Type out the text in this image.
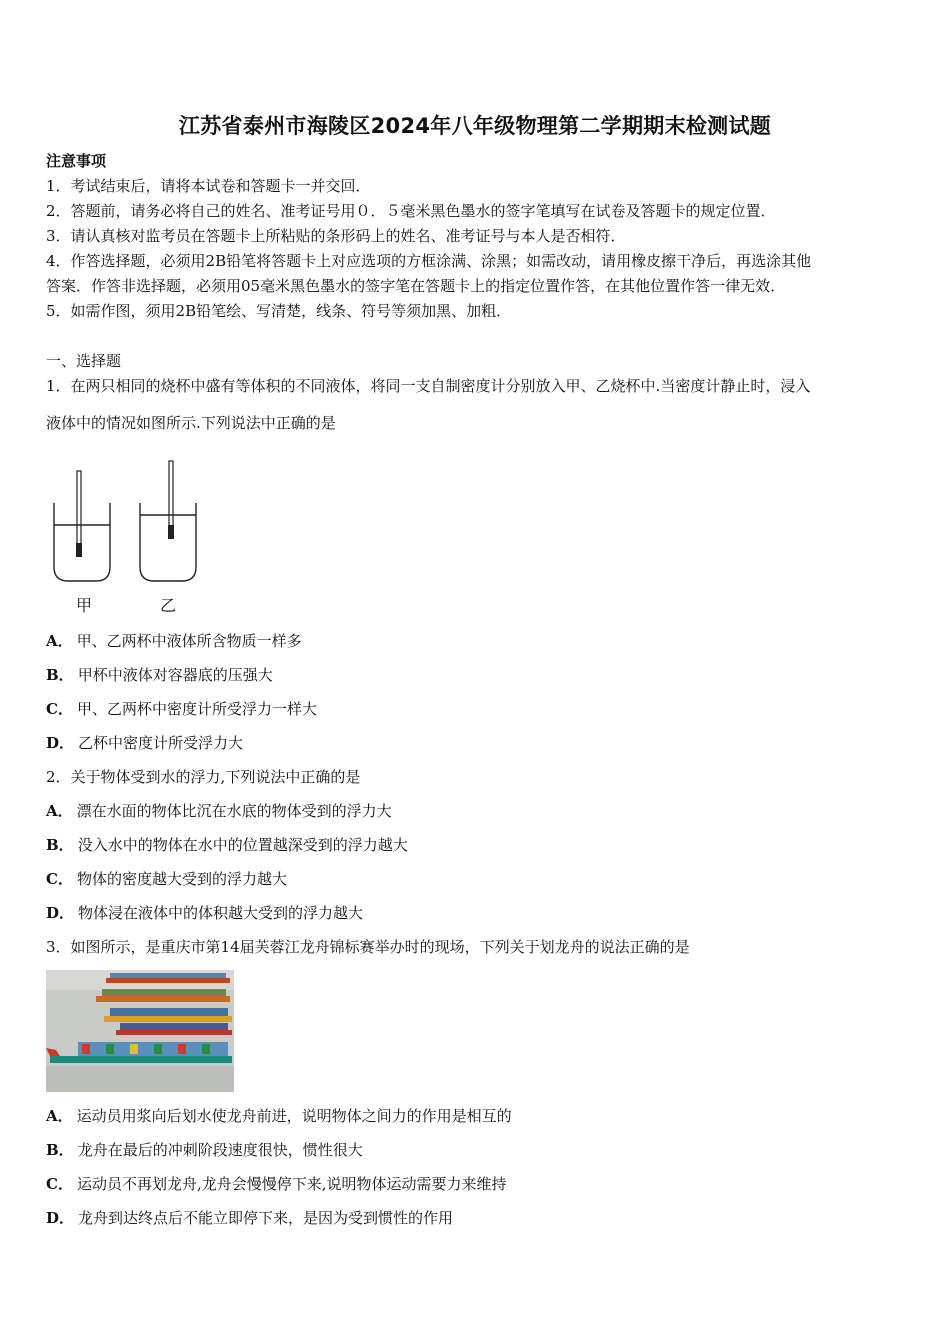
江苏省泰州市海陵区2024年八年级物理第二学期期末检测试题
注意事项
1．考试结束后，请将本试卷和答题卡一并交回．
2．答题前，请务必将自己的姓名、准考证号用０．５毫米黑色墨水的签字笔填写在试卷及答题卡的规定位置．
3．请认真核对监考员在答题卡上所粘贴的条形码上的姓名、准考证号与本人是否相符．
4．作答选择题，必须用2B铅笔将答题卡上对应选项的方框涂满、涂黑；如需改动，请用橡皮擦干净后，再选涂其他
答案．作答非选择题，必须用05毫米黑色墨水的签字笔在答题卡上的指定位置作答，在其他位置作答一律无效．
5．如需作图，须用2B铅笔绘、写清楚，线条、符号等须加黑、加粗．
一、选择题
1．在两只相同的烧杯中盛有等体积的不同液体，将同一支自制密度计分别放入甲、乙烧杯中.当密度计静止时，浸入
液体中的情况如图所示.下列说法中正确的是
甲	乙
A． 甲、乙两杯中液体所含物质一样多
B． 甲杯中液体对容器底的压强大
C． 甲、乙两杯中密度计所受浮力一样大
D． 乙杯中密度计所受浮力大
2．关于物体受到水的浮力,下列说法中正确的是
A． 漂在水面的物体比沉在水底的物体受到的浮力大
B． 没入水中的物体在水中的位置越深受到的浮力越大
C． 物体的密度越大受到的浮力越大
D． 物体浸在液体中的体积越大受到的浮力越大
3．如图所示，是重庆市第14届芙蓉江龙舟锦标赛举办时的现场，下列关于划龙舟的说法正确的是
A． 运动员用浆向后划水使龙舟前进，说明物体之间力的作用是相互的
B． 龙舟在最后的冲刺阶段速度很快，惯性很大
C． 运动员不再划龙舟,龙舟会慢慢停下来,说明物体运动需要力来维持
D． 龙舟到达终点后不能立即停下来，是因为受到惯性的作用
